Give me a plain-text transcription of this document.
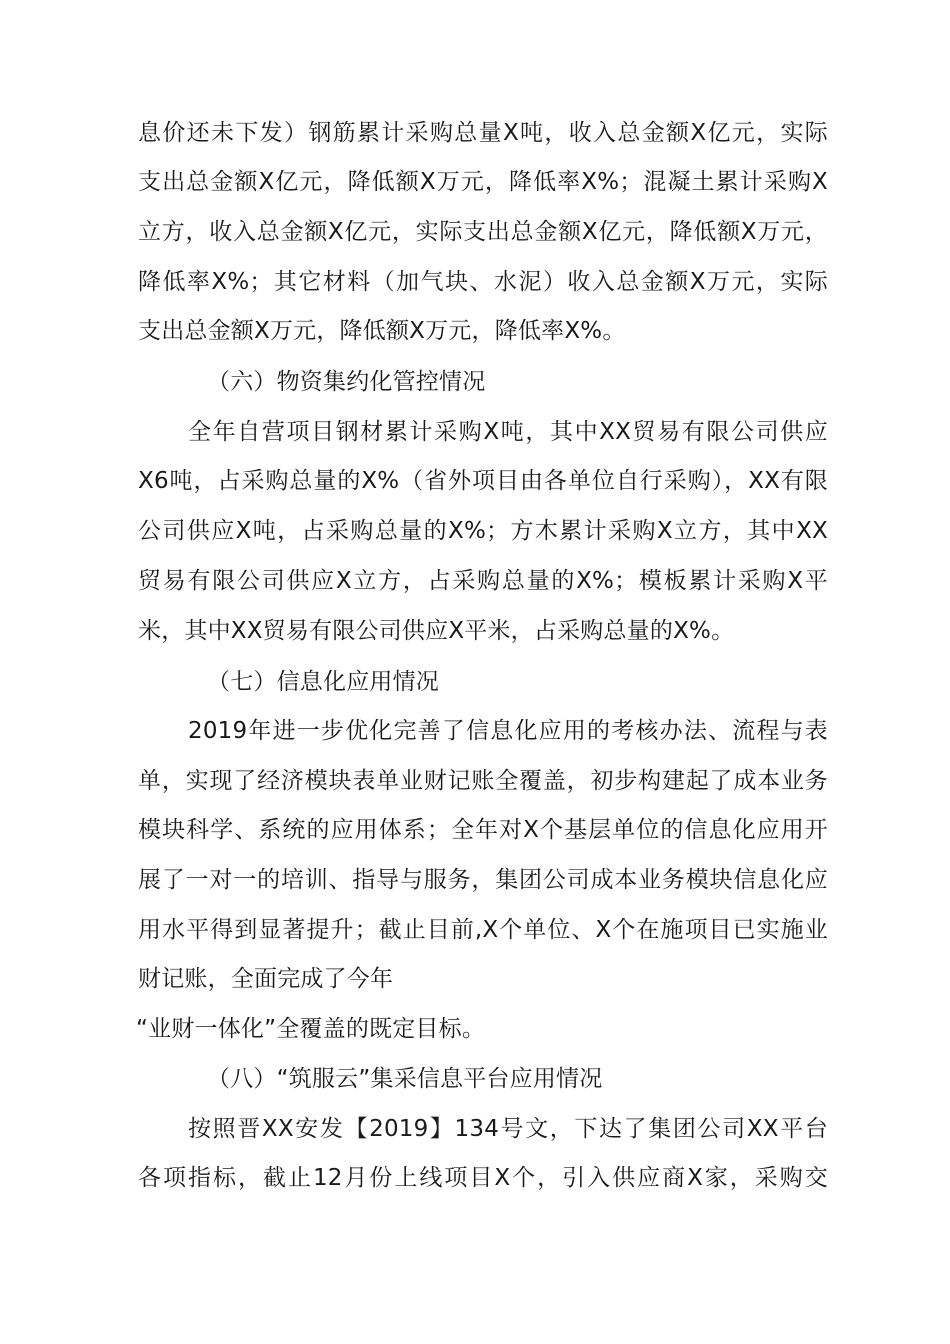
息价还未下发）钢筋累计采购总量X吨，收入总金额X亿元，实际
支出总金额X亿元，降低额X万元，降低率X%；混凝土累计采购X
立方，收入总金额X亿元，实际支出总金额X亿元，降低额X万元，
降低率X%；其它材料（加气块、水泥）收入总金额X万元，实际
支出总金额X万元，降低额X万元，降低率X%。
（六）物资集约化管控情况
全年自营项目钢材累计采购X吨，其中XX贸易有限公司供应
X6吨，占采购总量的X%（省外项目由各单位自行采购），XX有限
公司供应X吨，占采购总量的X%；方木累计采购X立方，其中XX
贸易有限公司供应X立方，占采购总量的X%；模板累计采购X平
米，其中XX贸易有限公司供应X平米，占采购总量的X%。
（七）信息化应用情况
2019年进一步优化完善了信息化应用的考核办法、流程与表
单，实现了经济模块表单业财记账全覆盖，初步构建起了成本业务
模块科学、系统的应用体系；全年对X个基层单位的信息化应用开
展了一对一的培训、指导与服务，集团公司成本业务模块信息化应
用水平得到显著提升；截止目前,X个单位、X个在施项目已实施业
财记账，全面完成了今年
“业财一体化”全覆盖的既定目标。
（八）“筑服云”集采信息平台应用情况
按照晋XX安发【2019】134号文，下达了集团公司XX平台
各项指标，截止12月份上线项目X个，引入供应商X家，采购交
